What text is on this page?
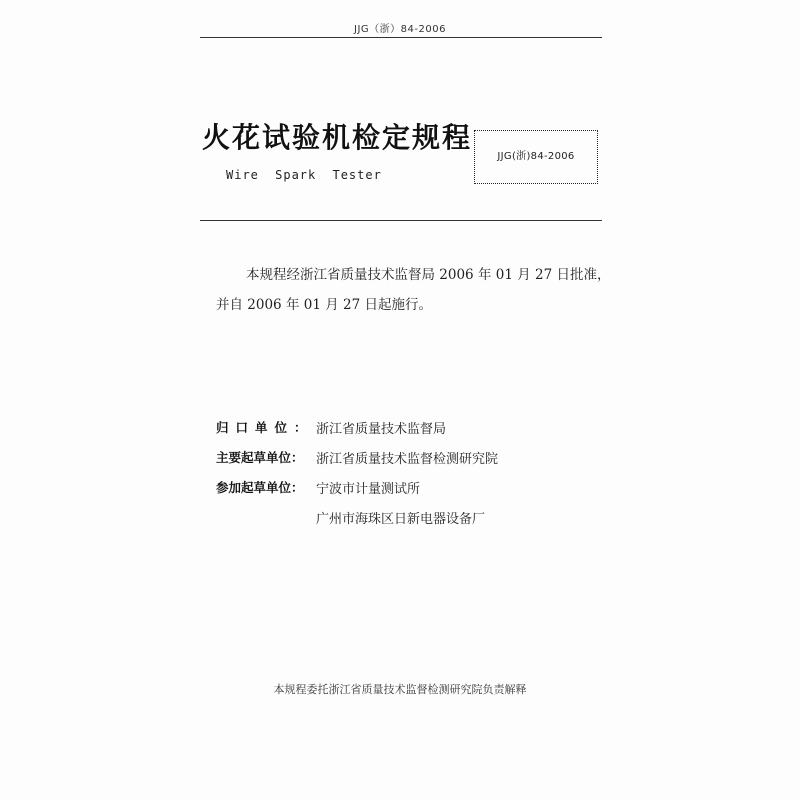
JJG（浙）84-2006
火花试验机检定规程
Wire Spark Tester
JJG(浙)84-2006
本规程经浙江省质量技术监督局 2006 年 01 月 27 日批准，
并自 2006 年 01 月 27 日起施行。
归口单位： 浙江省质量技术监督局
主要起草单位： 浙江省质量技术监督检测研究院
参加起草单位： 宁波市计量测试所
广州市海珠区日新电器设备厂
本规程委托浙江省质量技术监督检测研究院负责解释
